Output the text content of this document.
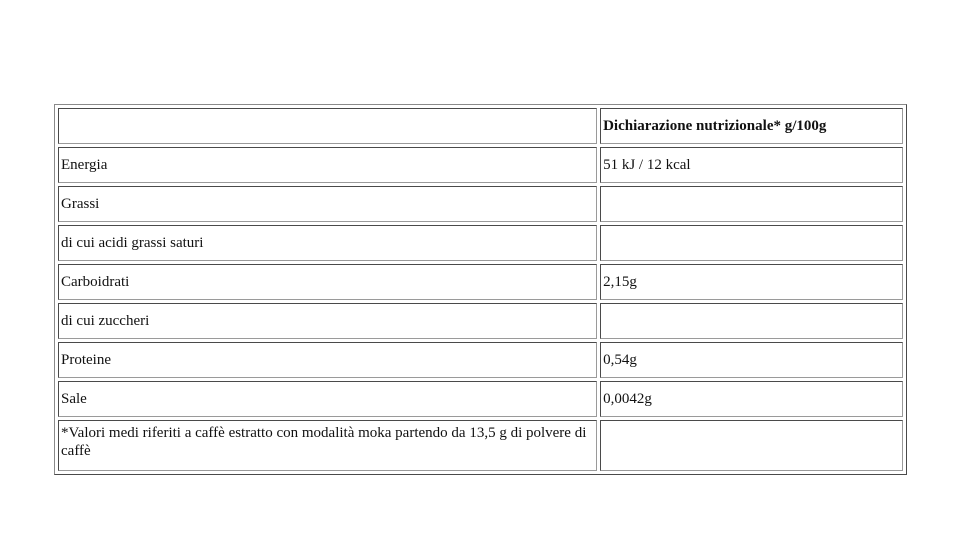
	Dichiarazione nutrizionale* g/100g
Energia	51 kJ / 12 kcal
Grassi	
di cui acidi grassi saturi	
Carboidrati	2,15g
di cui zuccheri	
Proteine	0,54g
Sale	0,0042g
*Valori medi riferiti a caffè estratto con modalità moka partendo da 13,5 g di polvere di caffè	
